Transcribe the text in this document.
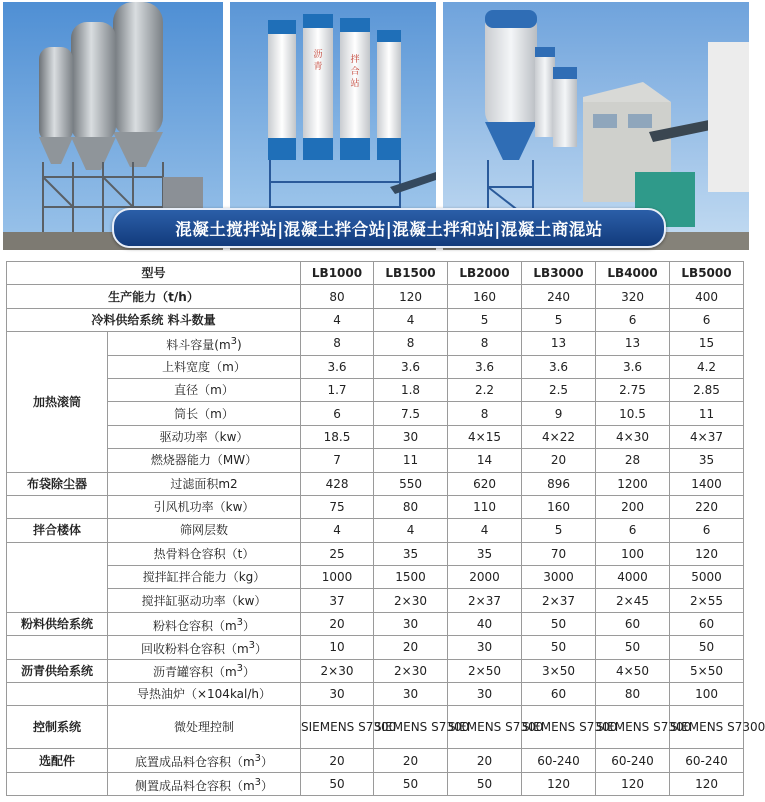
沥
青
拌
合
站
混凝土搅拌站|混凝土拌合站|混凝土拌和站|混凝土商混站
型号		LB1000	LB1500	LB2000	LB3000	LB4000	LB5000
生产能力（t/h）		80	120	160	240	320	400
冷料供给系统 料斗数量		4	4	5	5	6	6
加热滚筒	料斗容量$(m^3)$	8	8	8	13	13	15
	上料宽度（m）	3.6	3.6	3.6	3.6	3.6	4.2
	直径（m）	1.7	1.8	2.2	2.5	2.75	2.85
	筒长（m）	6	7.5	8	9	10.5	11
	驱动功率（kw）	18.5	30	4×15	4×22	4×30	4×37
	燃烧器能力（MW）	7	11	14	20	28	35
布袋除尘器	过滤面积m2	428	550	620	896	1200	1400
	引风机功率（kw）	75	80	110	160	200	220
拌合楼体	筛网层数	4	4	4	5	6	6
	热骨料仓容积（t）	25	35	35	70	100	120
	搅拌缸拌合能力（kg）	1000	1500	2000	3000	4000	5000
	搅拌缸驱动功率（kw）	37	2×30	2×37	2×37	2×45	2×55
粉料供给系统	粉料仓容积$(m^3)$	20	30	40	50	60	60
	回收粉料仓容积$(m^3)$	10	20	30	50	50	50
沥青供给系统	沥青罐容积$(m^3)$	2×30	2×30	2×50	3×50	4×50	5×50
	导热油炉（×104kal/h）	30	30	30	60	80	100
控制系统	微处理控制	SIEMENS S7300	SIEMENS S7300	SIEMENS S7300	SIEMENS S7300	SIEMENS S7300	SIEMENS S7300
选配件	底置成品料仓容积$(m^3)$	20	20	20	60-240	60-240	60-240
	侧置成品料仓容积$(m^3)$	50	50	50	120	120	120
